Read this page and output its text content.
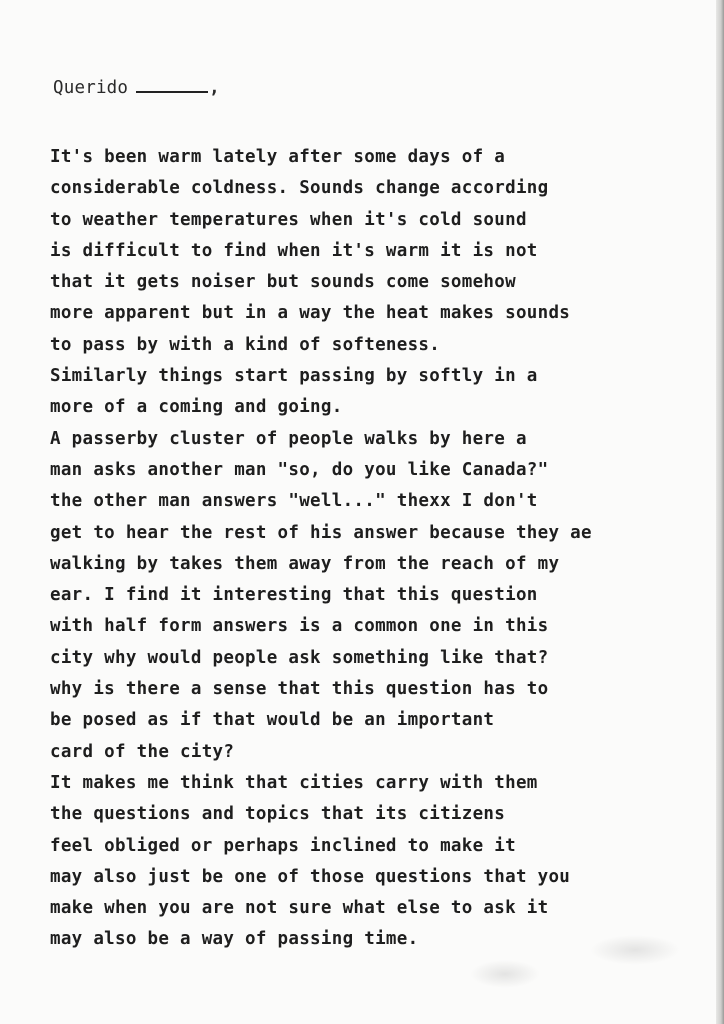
Querido	,
It's been warm lately after some days of a
considerable coldness. Sounds change according
to weather temperatures when it's cold sound
is difficult to find when it's warm it is not
that it gets noiser but sounds come somehow
more apparent but in a way the heat makes sounds
to pass by with a kind of softeness.
Similarly things start passing by softly in a
more of a coming and going.
A passerby cluster of people walks by here a
man asks another man "so, do you like Canada?"
the other man answers "well..." thexx I don't
get to hear the rest of his answer because they ae
walking by takes them away from the reach of my
ear. I find it interesting that this question
with half form answers is a common one in this
city why would people ask something like that?
why is there a sense that this question has to
be posed as if that would be an important
card of the city?
It makes me think that cities carry with them
the questions and topics that its citizens
feel obliged or perhaps inclined to make it
may also just be one of those questions that you
make when you are not sure what else to ask it
may also be a way of passing time.
